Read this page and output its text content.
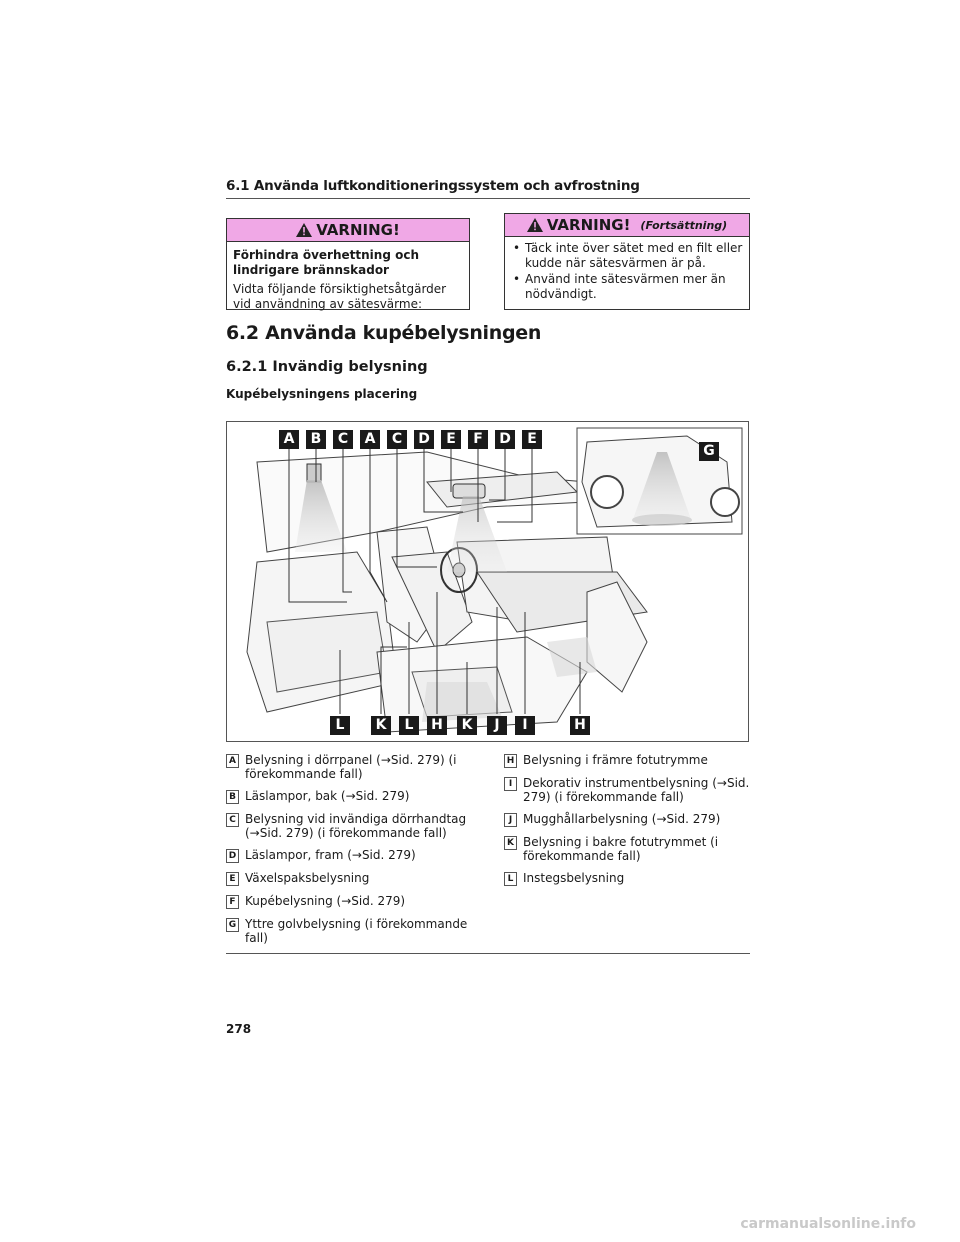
6.1 Använda luftkonditioneringssystem och avfrostning
VARNING!
Förhindra överhettning och lindrigare brännskador
Vidta följande försiktighetsåtgärder vid användning av sätesvärme:
VARNING! (Fortsättning)
• Täck inte över sätet med en filt eller kudde när sätesvärmen är på.
• Använd inte sätesvärmen mer än nödvändigt.
6.2 Använda kupébelysningen
6.2.1 Invändig belysning
Kupébelysningens placering
A	B	C	A	C	D	E	F	D	E
L	K	L	H	K	J	I	H
G
A Belysning i dörrpanel (→Sid. 279) (i förekommande fall)
B Läslampor, bak (→Sid. 279)
C Belysning vid invändiga dörrhandtag (→Sid. 279) (i förekommande fall)
D Läslampor, fram (→Sid. 279)
E Växelspaksbelysning
F Kupébelysning (→Sid. 279)
G Yttre golvbelysning (i förekommande fall)
H Belysning i främre fotutrymme
I Dekorativ instrumentbelysning (→Sid. 279) (i förekommande fall)
J Mugghållarbelysning (→Sid. 279)
K Belysning i bakre fotutrymmet (i förekommande fall)
L Instegsbelysning
278
carmanualsonline.info
